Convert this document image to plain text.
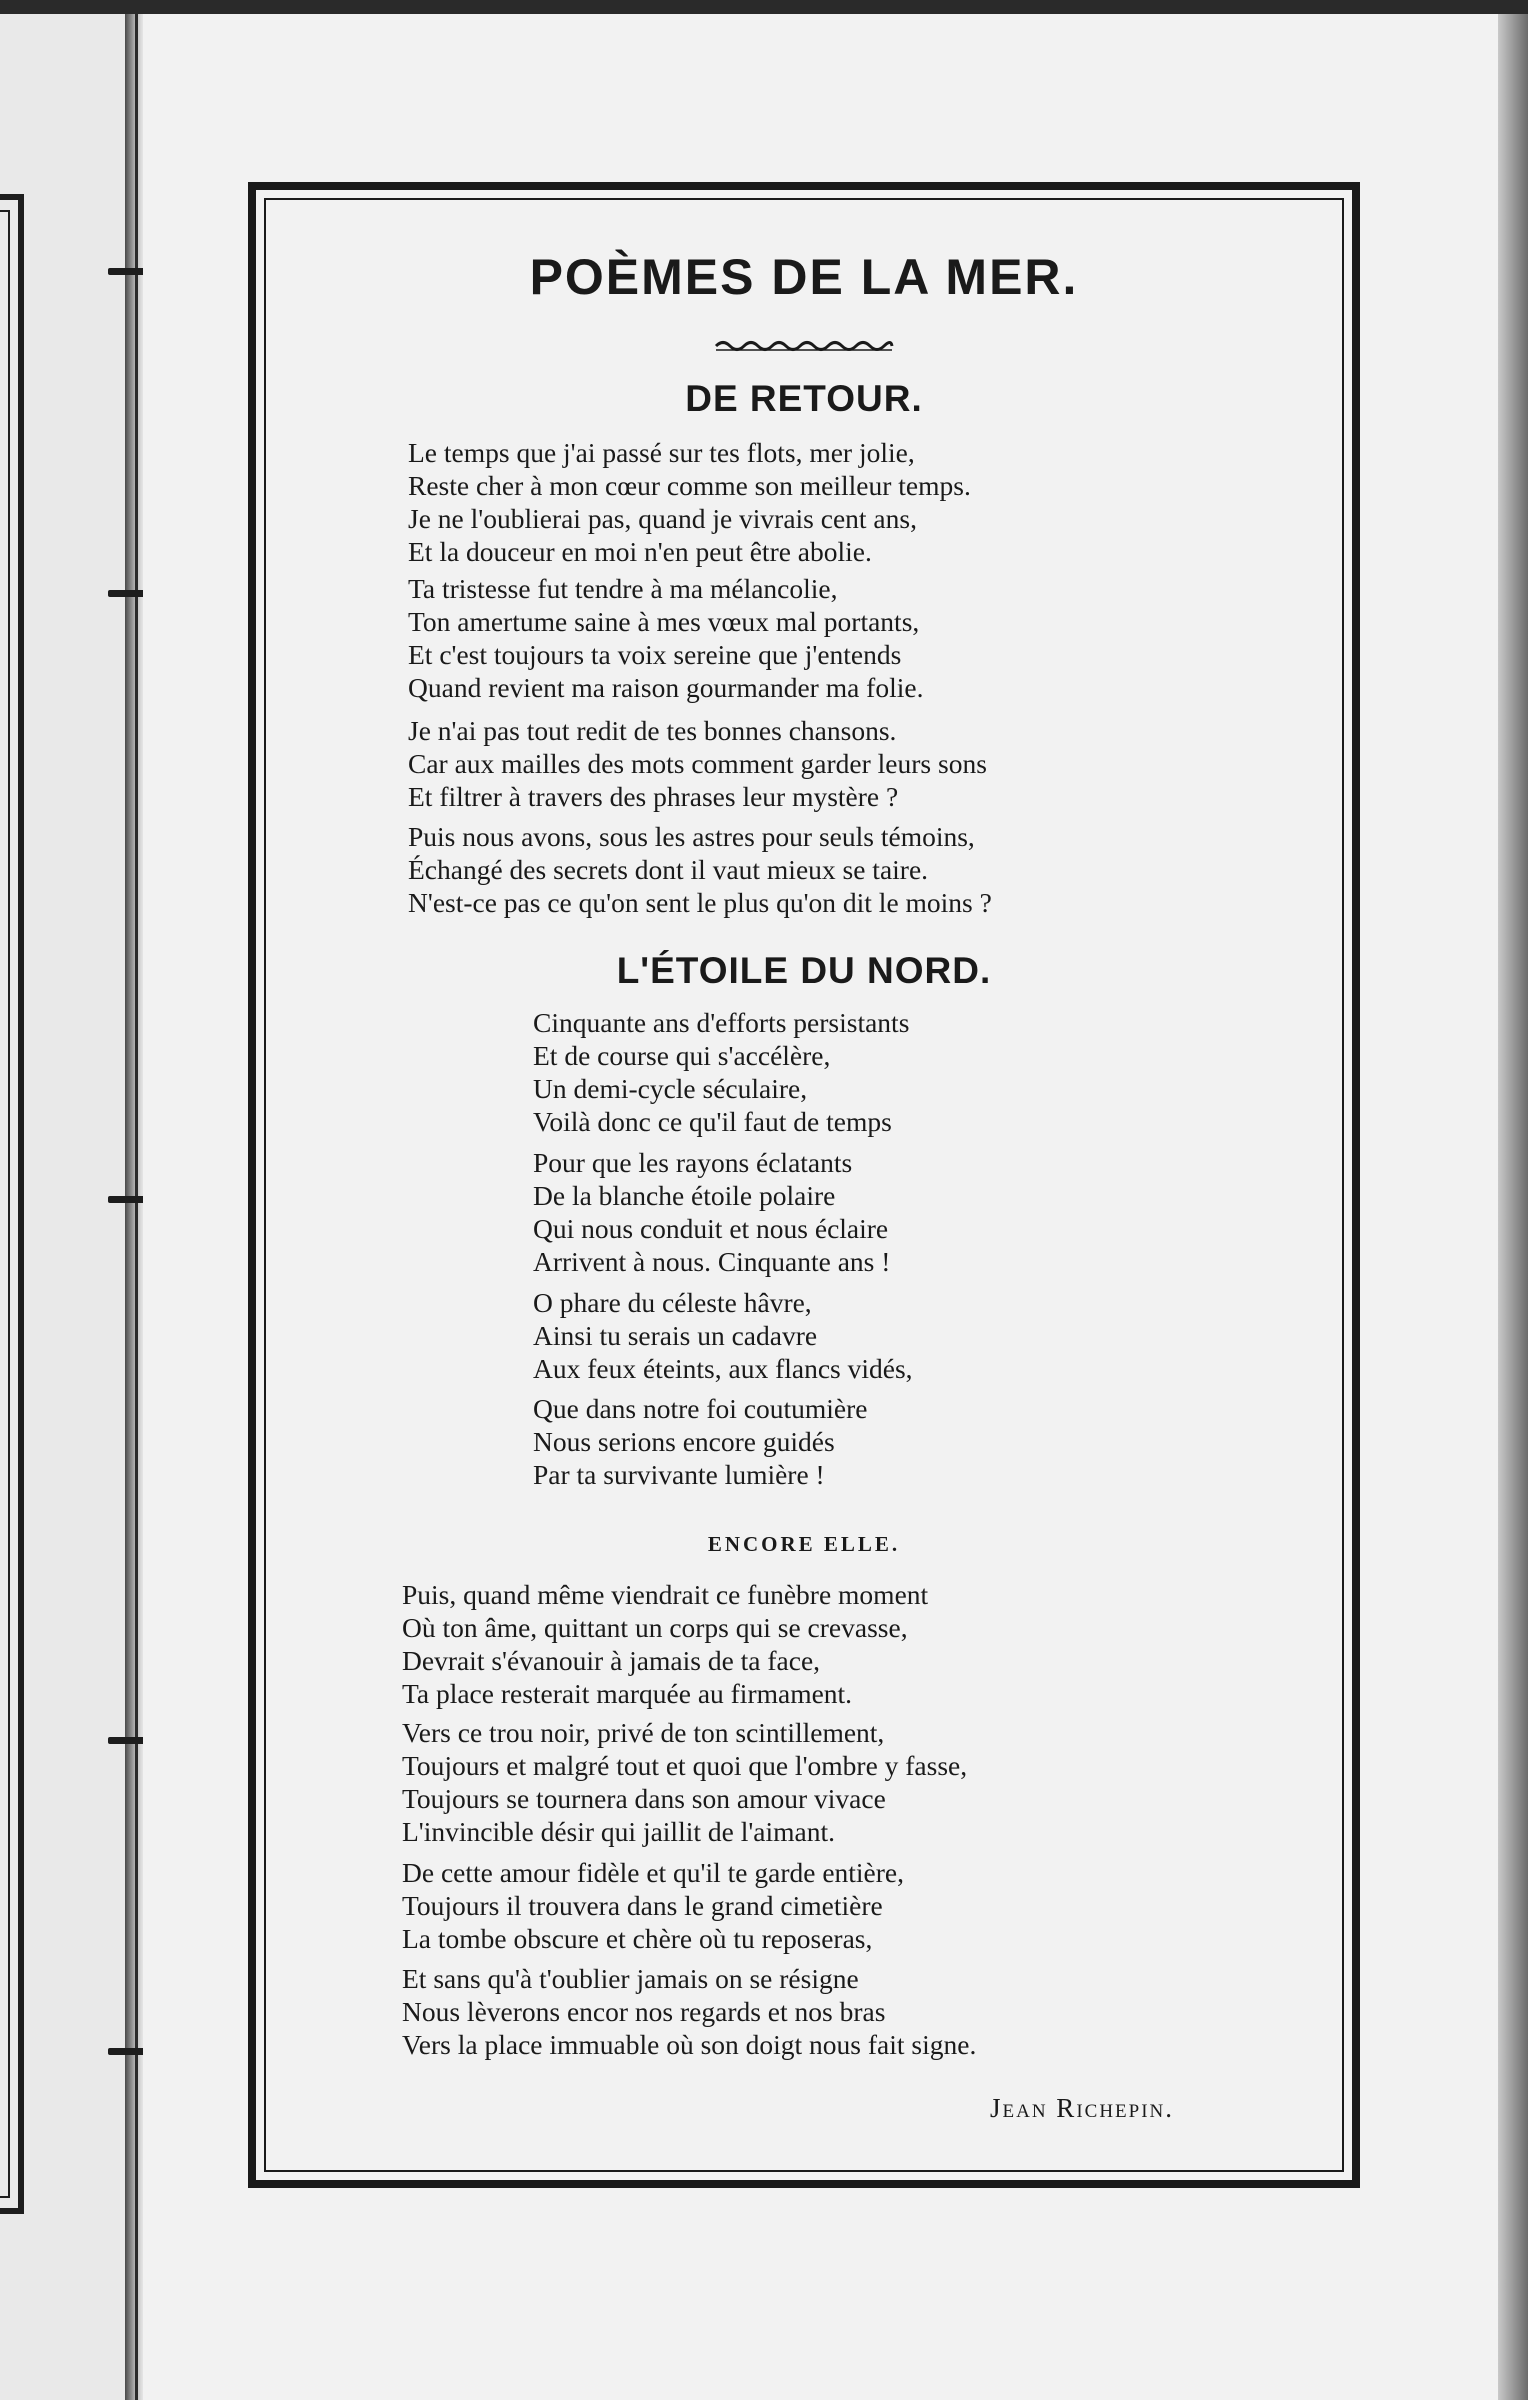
POÈMES DE LA MER.
DE RETOUR.

Le temps que j'ai passé sur tes flots, mer jolie,
Reste cher à mon cœur comme son meilleur temps.
Je ne l'oublierai pas, quand je vivrais cent ans,
Et la douceur en moi n'en peut être abolie.

Ta tristesse fut tendre à ma mélancolie,
Ton amertume saine à mes vœux mal portants,
Et c'est toujours ta voix sereine que j'entends
Quand revient ma raison gourmander ma folie.

Je n'ai pas tout redit de tes bonnes chansons.
Car aux mailles des mots comment garder leurs sons
Et filtrer à travers des phrases leur mystère ?

Puis nous avons, sous les astres pour seuls témoins,
Échangé des secrets dont il vaut mieux se taire.
N'est-ce pas ce qu'on sent le plus qu'on dit le moins ?

L'ÉTOILE DU NORD.

Cinquante ans d'efforts persistants
Et de course qui s'accélère,
Un demi-cycle séculaire,
Voilà donc ce qu'il faut de temps

Pour que les rayons éclatants
De la blanche étoile polaire
Qui nous conduit et nous éclaire
Arrivent à nous. Cinquante ans !

O phare du céleste hâvre,
Ainsi tu serais un cadavre
Aux feux éteints, aux flancs vidés,

Que dans notre foi coutumière
Nous serions encore guidés
Par ta survivante lumière !

ENCORE ELLE.

Puis, quand même viendrait ce funèbre moment
Où ton âme, quittant un corps qui se crevasse,
Devrait s'évanouir à jamais de ta face,
Ta place resterait marquée au firmament.

Vers ce trou noir, privé de ton scintillement,
Toujours et malgré tout et quoi que l'ombre y fasse,
Toujours se tournera dans son amour vivace
L'invincible désir qui jaillit de l'aimant.

De cette amour fidèle et qu'il te garde entière,
Toujours il trouvera dans le grand cimetière
La tombe obscure et chère où tu reposeras,

Et sans qu'à t'oublier jamais on se résigne
Nous lèverons encor nos regards et nos bras
Vers la place immuable où son doigt nous fait signe.

Jean Richepin.
